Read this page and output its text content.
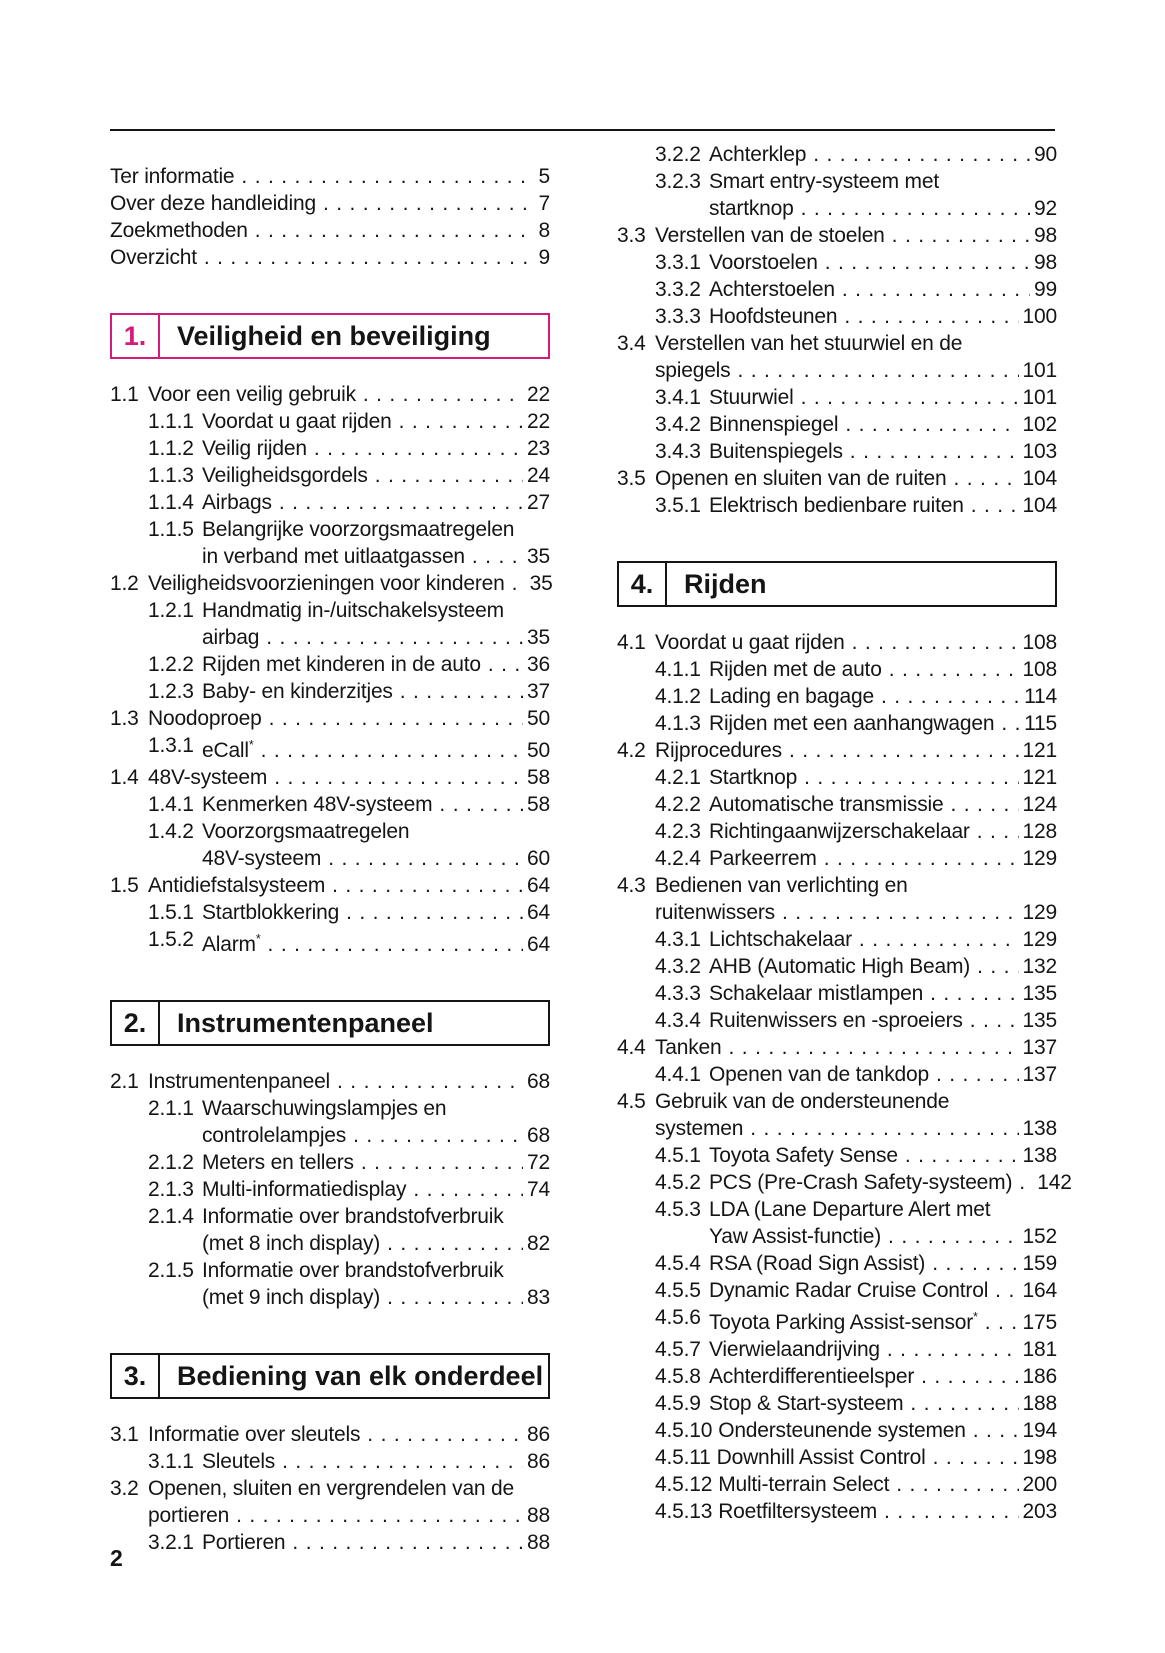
Ter informatie . . .	5
Over deze handleiding . . .	7
Zoekmethoden . . .	8
Overzicht . . .	9
1.	Veiligheid en beveiliging
1.1 Voor een veilig gebruik . . .	22
1.1.1 Voordat u gaat rijden . . .	22
1.1.2 Veilig rijden . . .	23
1.1.3 Veiligheidsgordels . . .	24
1.1.4 Airbags . . .	27
1.1.5 Belangrijke voorzorgsmaatregelen
in verband met uitlaatgassen . . .	35
1.2 Veiligheidsvoorzieningen voor kinderen . . . 35
1.2.1 Handmatig in-/uitschakelsysteem
airbag . . .	35
1.2.2 Rijden met kinderen in de auto . . . 36
1.2.3 Baby- en kinderzitjes . . .	37
1.3 Noodoproep . . .	50
1.3.1 eCall* . . .	50
1.4 48V-systeem . . .	58
1.4.1 Kenmerken 48V-systeem . . .	58
1.4.2 Voorzorgsmaatregelen
48V-systeem . . .	60
1.5 Antidiefstalsysteem . . .	64
1.5.1 Startblokkering . . .	64
1.5.2 Alarm* . . .	64
2.	Instrumentenpaneel
2.1 Instrumentenpaneel . . .	68
2.1.1 Waarschuwingslampjes en
controlelampjes . . .	68
2.1.2 Meters en tellers . . .	72
2.1.3 Multi-informatiedisplay . . .	74
2.1.4 Informatie over brandstofverbruik
(met 8 inch display) . . .	82
2.1.5 Informatie over brandstofverbruik
(met 9 inch display) . . .	83
3.	Bediening van elk onderdeel
3.1 Informatie over sleutels . . .	86
3.1.1 Sleutels . . .	86
3.2 Openen, sluiten en vergrendelen van de
portieren . . .	88
3.2.1 Portieren . . .	88
3.2.2 Achterklep . . .	90
3.2.3 Smart entry-systeem met
startknop . . .	92
3.3 Verstellen van de stoelen . . .	98
3.3.1 Voorstoelen . . .	98
3.3.2 Achterstoelen . . .	99
3.3.3 Hoofdsteunen . . .	100
3.4 Verstellen van het stuurwiel en de
spiegels . . .	101
3.4.1 Stuurwiel . . .	101
3.4.2 Binnenspiegel . . .	102
3.4.3 Buitenspiegels . . .	103
3.5 Openen en sluiten van de ruiten . . .	104
3.5.1 Elektrisch bedienbare ruiten . . .	104
4.	Rijden
4.1 Voordat u gaat rijden . . .	108
4.1.1 Rijden met de auto . . .	108
4.1.2 Lading en bagage . . .	114
4.1.3 Rijden met een aanhangwagen . . . 115
4.2 Rijprocedures . . .	121
4.2.1 Startknop . . .	121
4.2.2 Automatische transmissie . . .	124
4.2.3 Richtingaanwijzerschakelaar . . .	128
4.2.4 Parkeerrem . . .	129
4.3 Bedienen van verlichting en
ruitenwissers . . .	129
4.3.1 Lichtschakelaar . . .	129
4.3.2 AHB (Automatic High Beam) . . . 132
4.3.3 Schakelaar mistlampen . . .	135
4.3.4 Ruitenwissers en -sproeiers . . .	135
4.4 Tanken . . .	137
4.4.1 Openen van de tankdop . . .	137
4.5 Gebruik van de ondersteunende
systemen . . .	138
4.5.1 Toyota Safety Sense . . .	138
4.5.2 PCS (Pre-Crash Safety-systeem) . . . 142
4.5.3 LDA (Lane Departure Alert met
Yaw Assist-functie) . . .	152
4.5.4 RSA (Road Sign Assist) . . .	159
4.5.5 Dynamic Radar Cruise Control . . . 164
4.5.6 Toyota Parking Assist-sensor* . . . 175
4.5.7 Vierwielaandrijving . . .	181
4.5.8 Achterdifferentieelsper . . .	186
4.5.9 Stop & Start-systeem . . .	188
4.5.10 Ondersteunende systemen . . .	194
4.5.11 Downhill Assist Control . . .	198
4.5.12 Multi-terrain Select . . .	200
4.5.13 Roetfiltersysteem . . .	203
2
